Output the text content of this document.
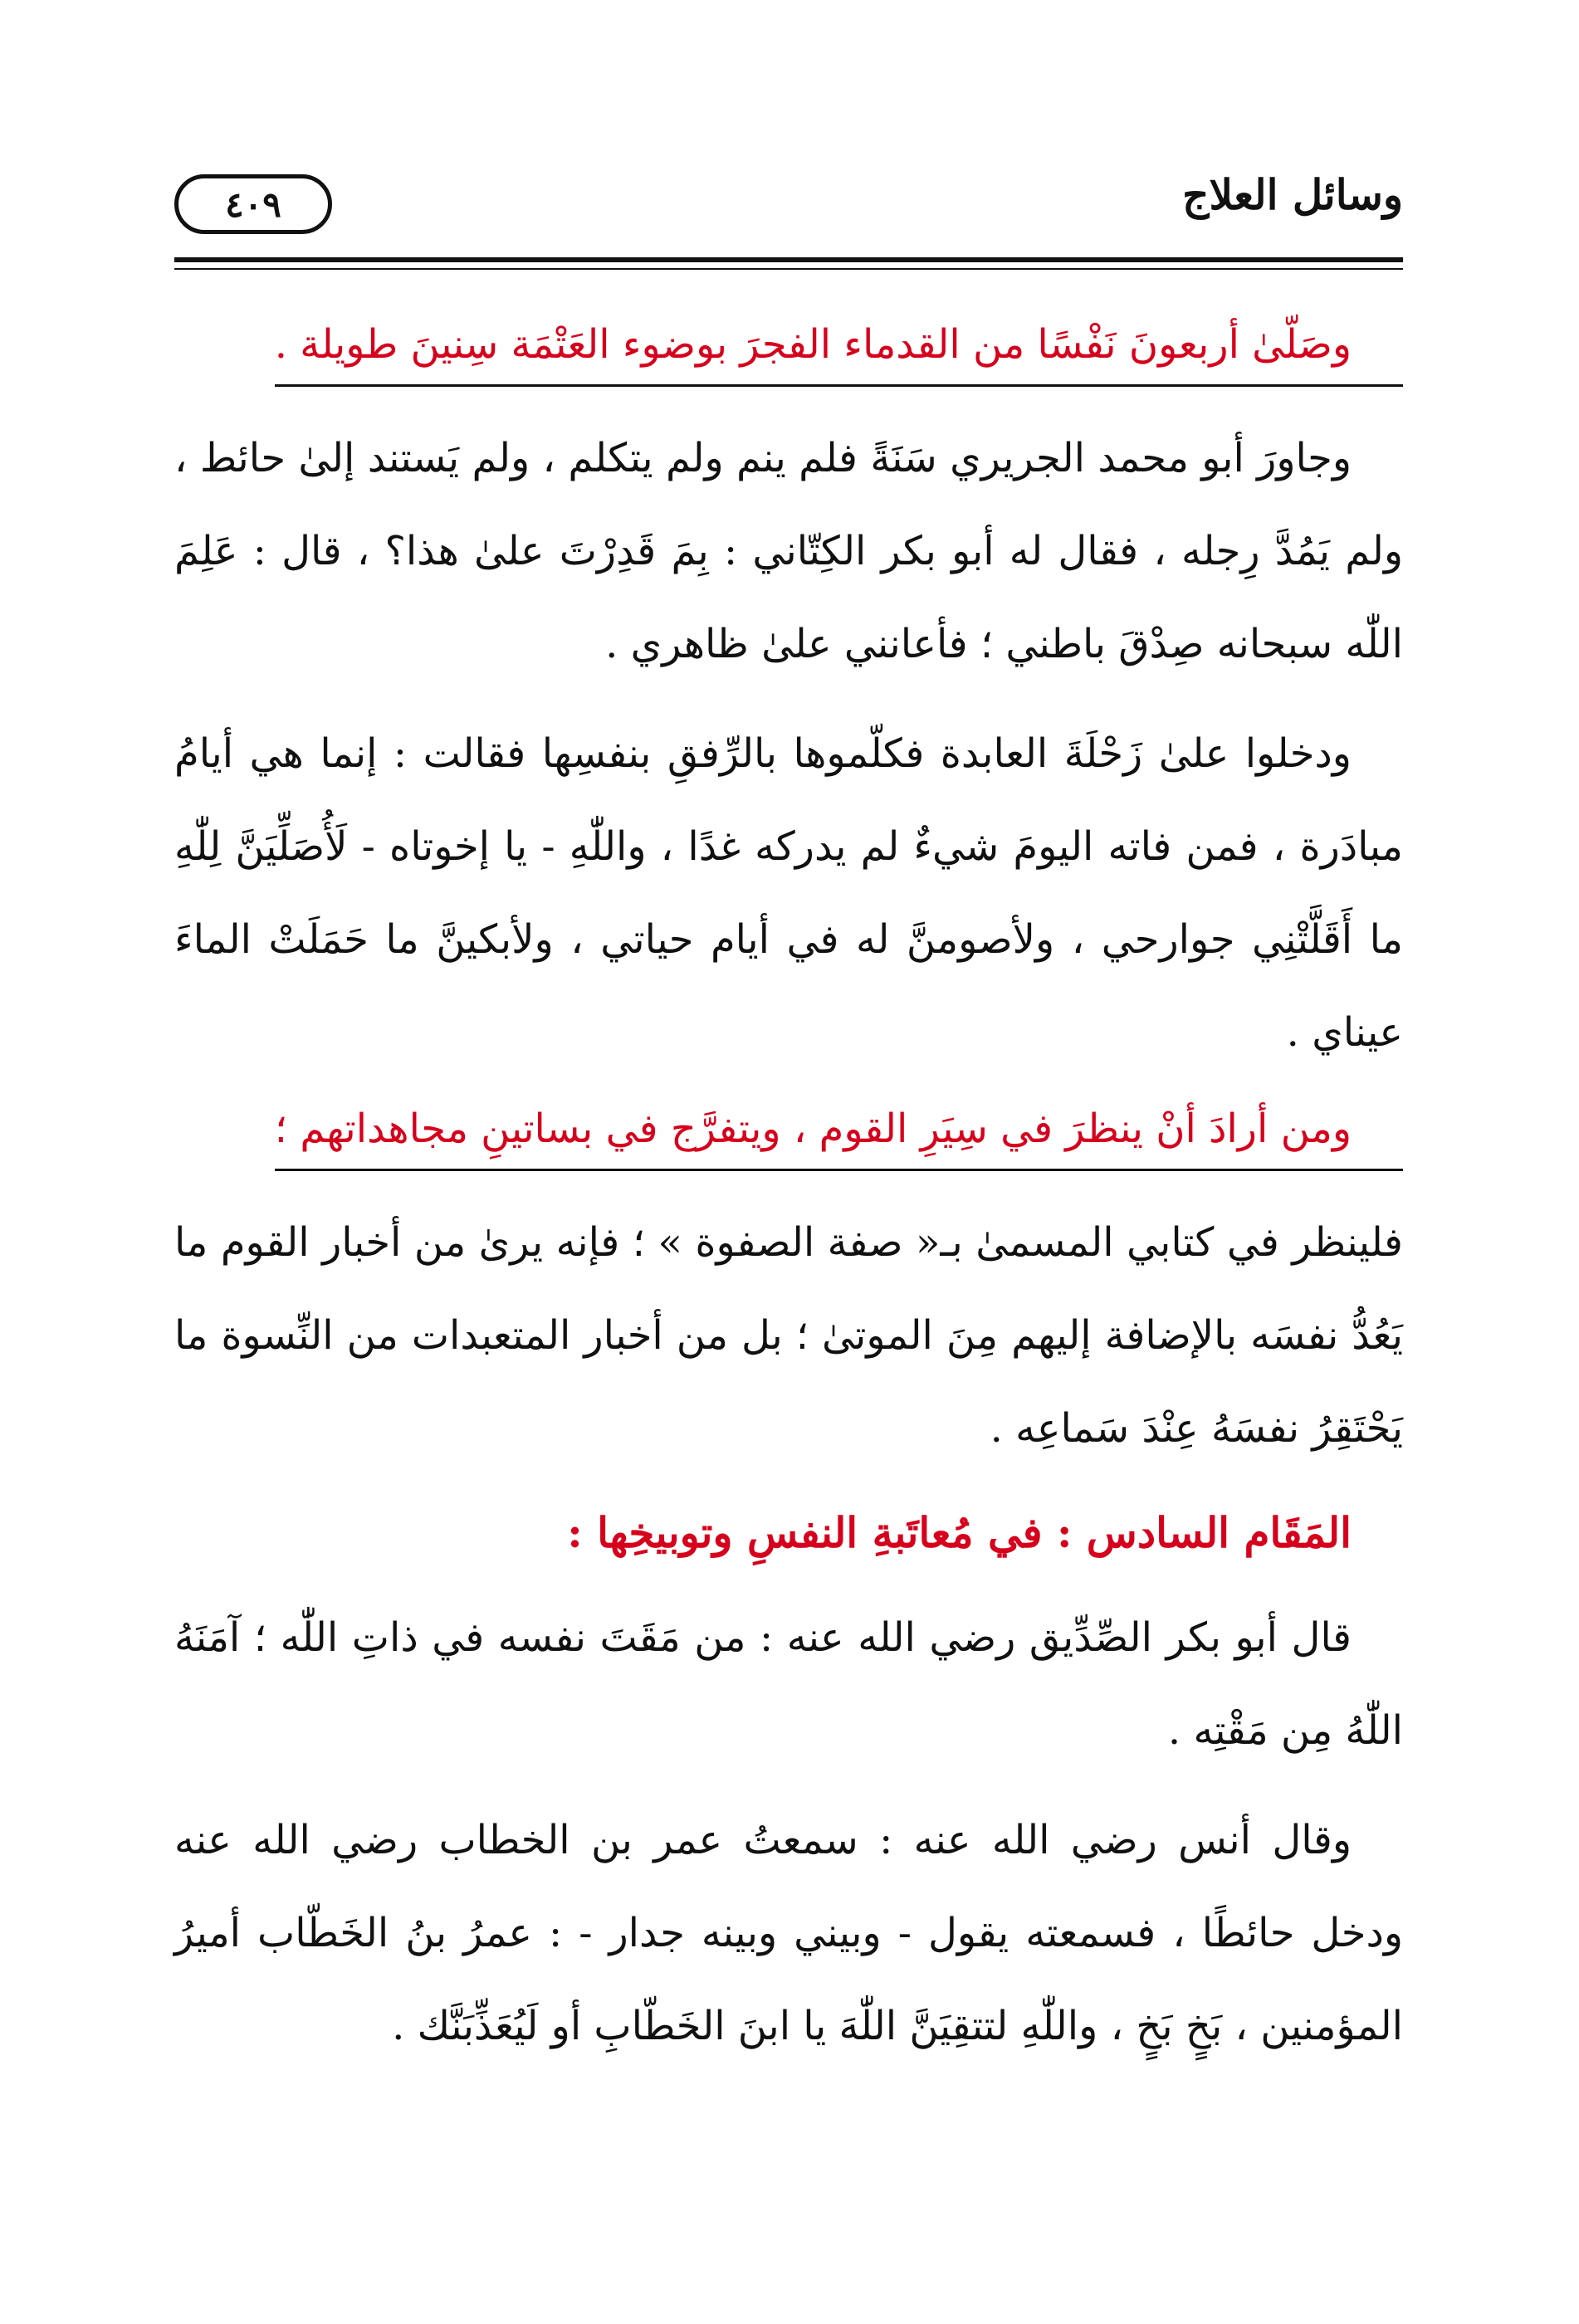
وسائل العلاج
٤٠٩
وصَلّىٰ أربعونَ نَفْسًا من القدماء الفجرَ بوضوء العَتْمَة سِنينَ طويلة .

وجاورَ أبو محمد الجريري سَنَةً فلم ينم ولم يتكلم ، ولم يَستند إلىٰ حائط ، ولم يَمُدَّ رِجله ، فقال له أبو بكر الكِتّاني : بِمَ قَدِرْتَ علىٰ هذا؟ ، قال : عَلِمَ اللّٰه سبحانه صِدْقَ باطني ؛ فأعانني علىٰ ظاهري .

ودخلوا علىٰ زَحْلَةَ العابدة فكلّموها بالرِّفقِ بنفسِها فقالت : إنما هي أيامُ مبادَرة ، فمن فاته اليومَ شيءٌ لم يدركه غدًا ، واللّٰهِ - يا إخوتاه - لَأُصَلِّيَنَّ لِلّٰهِ ما أَقَلَّتْنِي جوارحي ، ولأصومنَّ له في أيام حياتي ، ولأبكينَّ ما حَمَلَتْ الماءَ عيناي .

ومن أرادَ أنْ ينظرَ في سِيَرِ القوم ، ويتفرَّج في بساتينِ مجاهداتهم ؛

فلينظر في كتابي المسمىٰ بـ« صفة الصفوة » ؛ فإنه يرىٰ من أخبار القوم ما يَعُدُّ نفسَه بالإضافة إليهم مِنَ الموتىٰ ؛ بل من أخبار المتعبدات من النِّسوة ما يَحْتَقِرُ نفسَهُ عِنْدَ سَماعِه .

المَقَام السادس : في مُعاتَبةِ النفسِ وتوبيخِها :

قال أبو بكر الصِّدِّيق رضي الله عنه : من مَقَتَ نفسه في ذاتِ اللّٰه ؛ آمَنَهُ اللّٰهُ مِن مَقْتِه .

وقال أنس رضي الله عنه : سمعتُ عمر بن الخطاب رضي الله عنه ودخل حائطًا ، فسمعته يقول - وبيني وبينه جدار - : عمرُ بنُ الخَطّاب أميرُ المؤمنين ، بَخٍ بَخٍ ، واللّٰهِ لتتقِيَنَّ اللّٰهَ يا ابنَ الخَطّابِ أو لَيُعَذِّبَنَّك .
